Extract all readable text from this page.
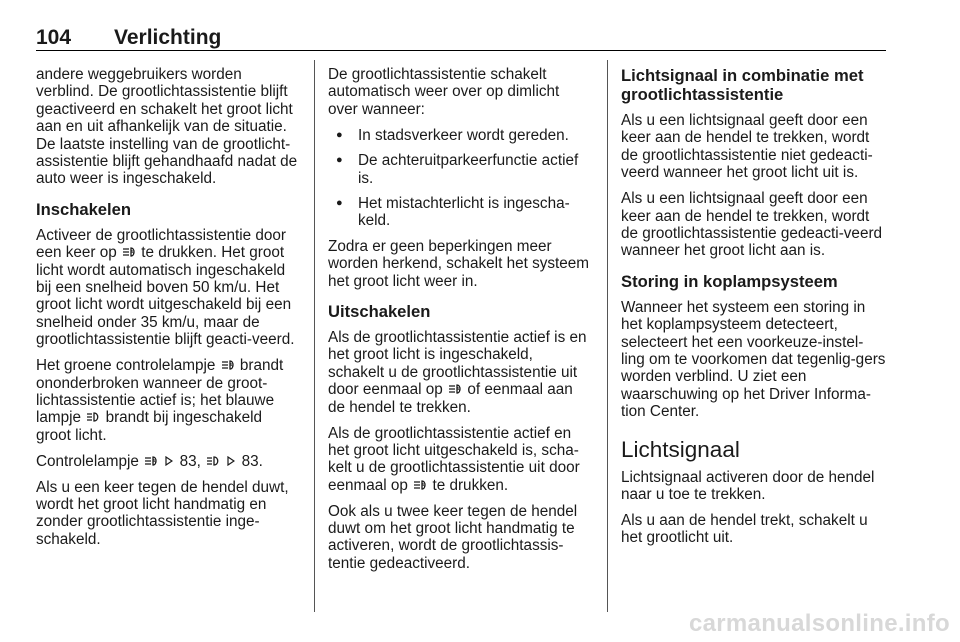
104 Verlichting

andere weggebruikers worden verblind. De grootlichtassistentie blijft geactiveerd en schakelt het groot licht aan en uit afhankelijk van de situatie. De laatste instelling van de grootlicht-assistentie blijft gehandhaafd nadat de auto weer is ingeschakeld.

Inschakelen

Activeer de grootlichtassistentie door een keer op	A te drukken. Het groot licht wordt automatisch ingeschakeld bij een snelheid boven 50 km/u. Het groot licht wordt uitgeschakeld bij een snelheid onder 35 km/u, maar de grootlichtassistentie blijft geacti-veerd.

Het groene controlelampje	A brandt ononderbroken wanneer de groot-lichtassistentie actief is; het blauwe lampje brandt bij ingeschakeld groot licht.

Controlelampje	A
83,
	83.

Als u een keer tegen de hendel duwt, wordt het groot licht handmatig en zonder grootlichtassistentie inge-schakeld.

De grootlichtassistentie schakelt automatisch weer over op dimlicht over wanneer:

● In stadsverkeer wordt gereden.
● De achteruitparkeerfunctie actief is.
● Het mistachterlicht is ingescha-keld.

Zodra er geen beperkingen meer worden herkend, schakelt het systeem het groot licht weer in.

Uitschakelen

Als de grootlichtassistentie actief is en het groot licht is ingeschakeld, schakelt u de grootlichtassistentie uit door eenmaal op	A of eenmaal aan de hendel te trekken.

Als de grootlichtassistentie actief en het groot licht uitgeschakeld is, scha-kelt u de grootlichtassistentie uit door eenmaal op	A te drukken.

Ook als u twee keer tegen de hendel duwt om het groot licht handmatig te activeren, wordt de grootlichtassis-tentie gedeactiveerd.

Lichtsignaal in combinatie met grootlichtassistentie

Als u een lichtsignaal geeft door een keer aan de hendel te trekken, wordt de grootlichtassistentie niet gedeacti-veerd wanneer het groot licht uit is.

Als u een lichtsignaal geeft door een keer aan de hendel te trekken, wordt de grootlichtassistentie gedeacti-veerd wanneer het groot licht aan is.

Storing in koplampsysteem

Wanneer het systeem een storing in het koplampsysteem detecteert, selecteert het een voorkeuze-instel-ling om te voorkomen dat tegenlig-gers worden verblind. U ziet een waarschuwing op het Driver Informa-tion Center.

Lichtsignaal

Lichtsignaal activeren door de hendel naar u toe te trekken.

Als u aan de hendel trekt, schakelt u het grootlicht uit.

carmanualsonline.info
